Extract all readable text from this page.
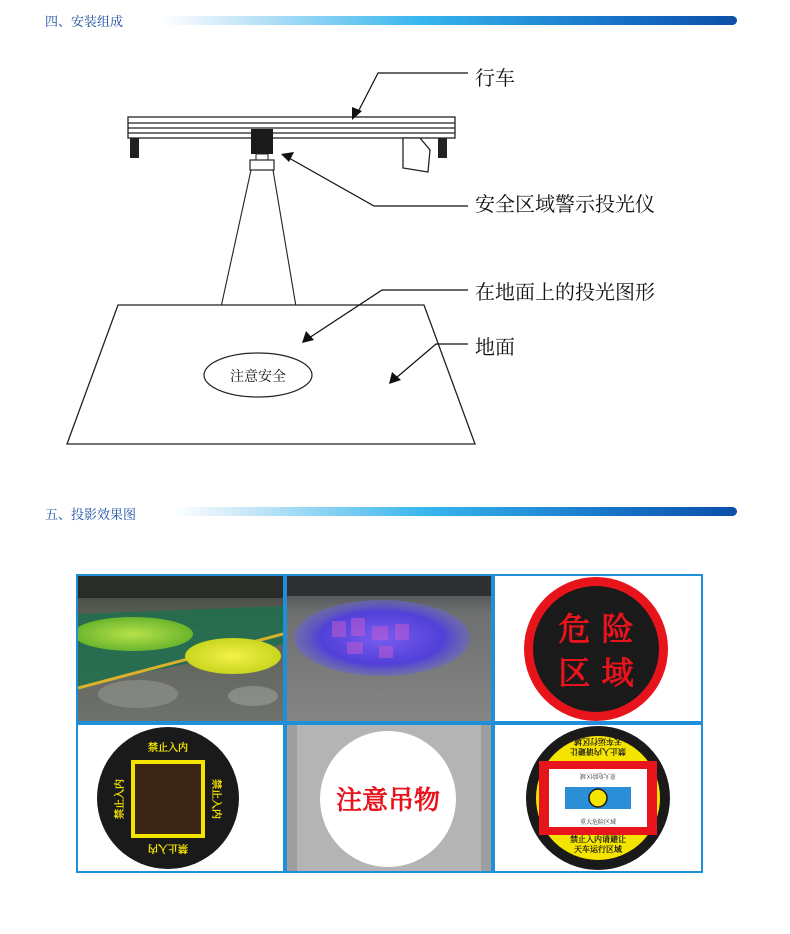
四、安装组成
注意安全
行车
安全区域警示投光仪
在地面上的投光图形
地面
五、投影效果图
危 险
区 域
禁止入内
禁止入内
禁止入内	禁止入内	注意吊物
禁止入内请避让
天车运行区域
禁止入内请避让
天车运行区域
重大危险区域
重大危险区域
